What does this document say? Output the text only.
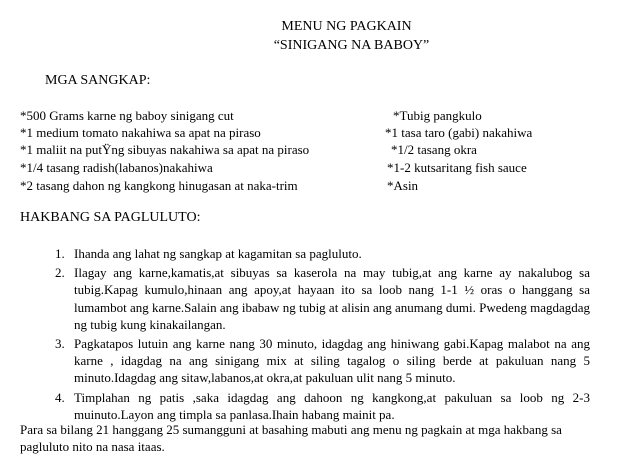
MENU NG PAGKAIN
“SINIGANG NA BABOY”
MGA SANGKAP:
*500 Grams karne ng baboy sinigang cut
*1 medium tomato nakahiwa sa apat na piraso
*1 maliit na putŸng sibuyas nakahiwa sa apat na piraso
*1/4 tasang radish(labanos)nakahiwa
*2 tasang dahon ng kangkong hinugasan at naka-trim
*Tubig pangkulo
*1 tasa taro (gabi) nakahiwa
*1/2 tasang okra
*1-2 kutsaritang fish sauce
*Asin
HAKBANG SA PAGLULUTO:
1. Ihanda ang lahat ng sangkap at kagamitan sa pagluluto.
2. Ilagay ang karne,kamatis,at sibuyas sa kaserola na may tubig,at ang karne ay nakalubog sa tubig.Kapag kumulo,hinaan ang apoy,at hayaan ito sa loob nang 1-1 ½ oras o hanggang sa lumambot ang karne.Salain ang ibabaw ng tubig at alisin ang anumang dumi. Pwedeng magdagdag ng tubig kung kinakailangan.
3. Pagkatapos lutuin ang karne nang 30 minuto, idagdag ang hiniwang gabi.Kapag malabot na ang karne , idagdag na ang sinigang mix at siling tagalog o siling berde at pakuluan nang 5 minuto.Idagdag ang sitaw,labanos,at okra,at pakuluan ulit nang 5 minuto.
4. Timplahan ng patis ,saka idagdag ang dahoon ng kangkong,at pakuluan sa loob ng 2-3 muinuto.Layon ang timpla sa panlasa.Ihain habang mainit pa.
Para sa bilang 21 hanggang 25 sumangguni at basahing mabuti ang menu ng pagkain at mga hakbang sa pagluluto nito na nasa itaas.
